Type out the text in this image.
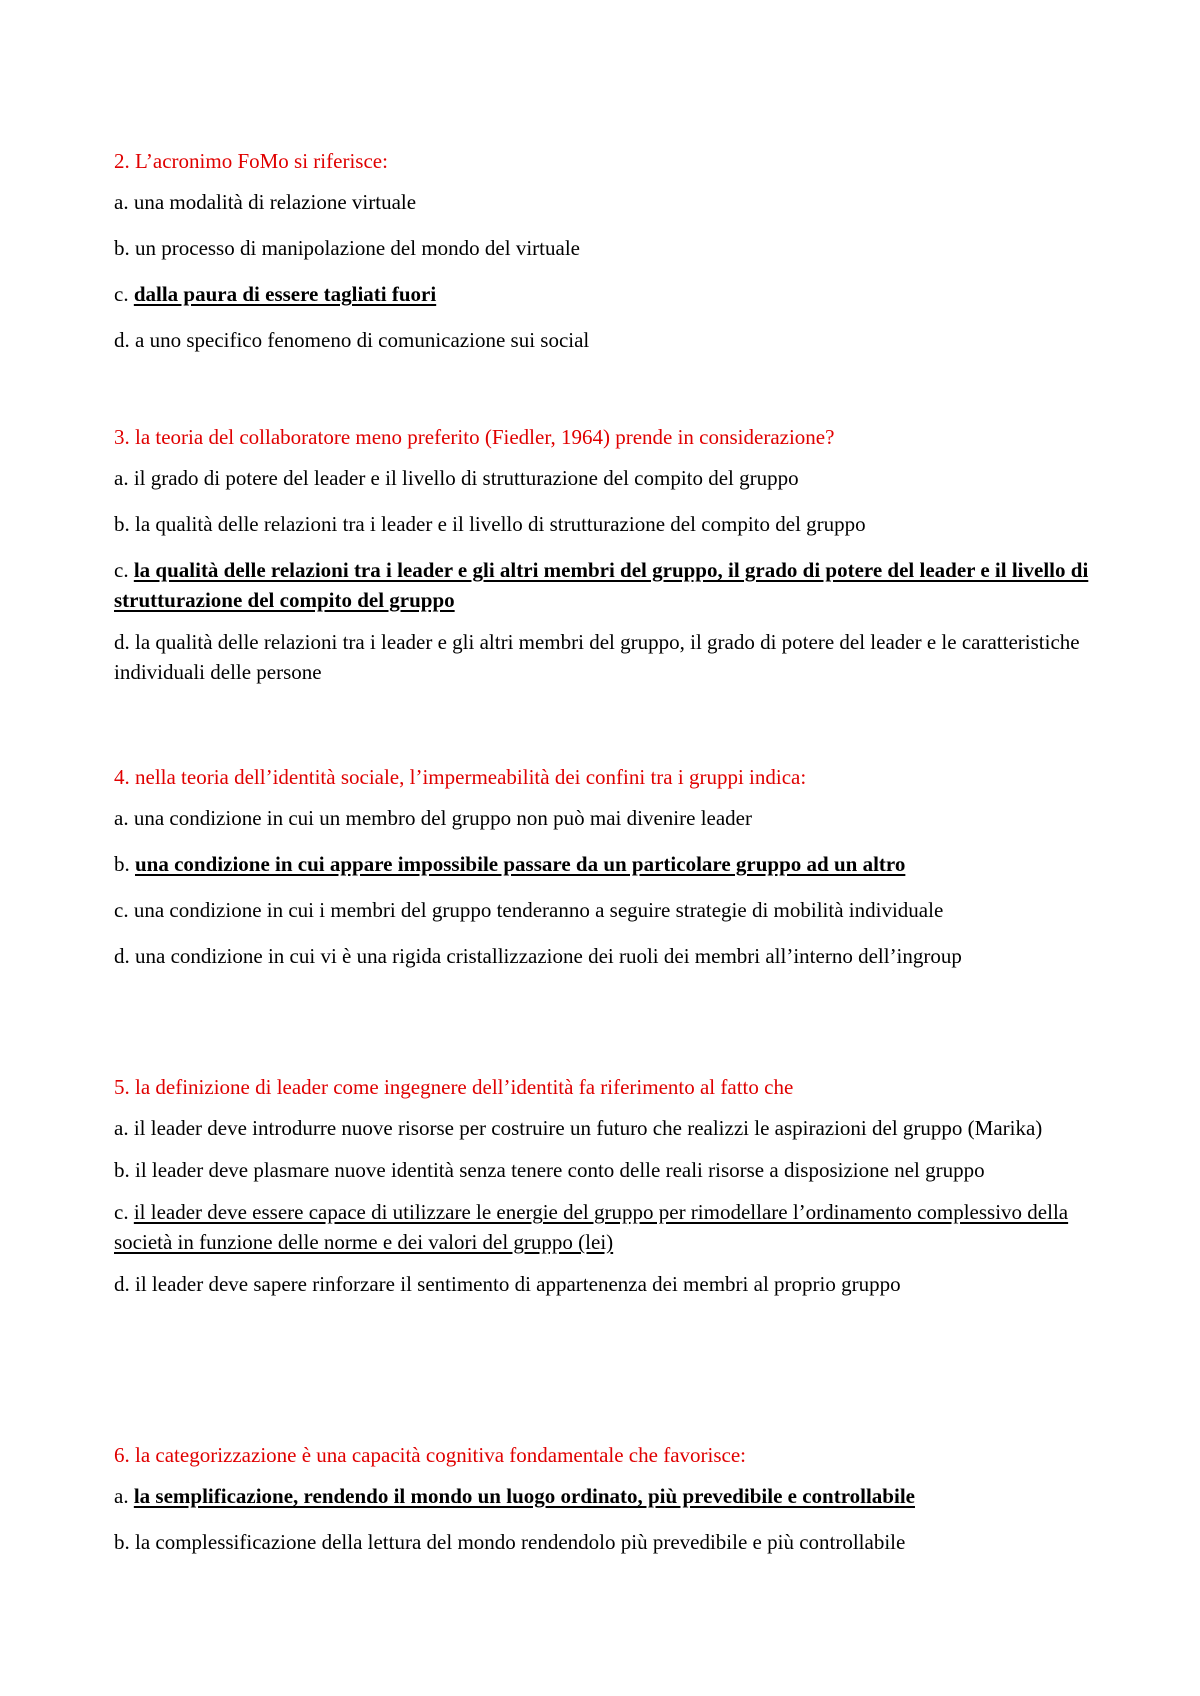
2. L’acronimo FoMo si riferisce:
a. una modalità di relazione virtuale
b. un processo di manipolazione del mondo del virtuale
c. dalla paura di essere tagliati fuori
d. a uno specifico fenomeno di comunicazione sui social
3. la teoria del collaboratore meno preferito (Fiedler, 1964) prende in considerazione?
a. il grado di potere del leader e il livello di strutturazione del compito del gruppo
b. la qualità delle relazioni tra i leader e il livello di strutturazione del compito del gruppo
c. la qualità delle relazioni tra i leader e gli altri membri del gruppo, il grado di potere del leader e il livello di strutturazione del compito del gruppo
d. la qualità delle relazioni tra i leader e gli altri membri del gruppo, il grado di potere del leader e le caratteristiche individuali delle persone
4. nella teoria dell’identità sociale, l’impermeabilità dei confini tra i gruppi indica:
a. una condizione in cui un membro del gruppo non può mai divenire leader
b. una condizione in cui appare impossibile passare da un particolare gruppo ad un altro
c. una condizione in cui i membri del gruppo tenderanno a seguire strategie di mobilità individuale
d. una condizione in cui vi è una rigida cristallizzazione dei ruoli dei membri all’interno dell’ingroup
5. la definizione di leader come ingegnere dell’identità fa riferimento al fatto che
a. il leader deve introdurre nuove risorse per costruire un futuro che realizzi le aspirazioni del gruppo (Marika)
b. il leader deve plasmare nuove identità senza tenere conto delle reali risorse a disposizione nel gruppo
c. il leader deve essere capace di utilizzare le energie del gruppo per rimodellare l’ordinamento complessivo della società in funzione delle norme e dei valori del gruppo (lei)
d. il leader deve sapere rinforzare il sentimento di appartenenza dei membri al proprio gruppo
6. la categorizzazione è una capacità cognitiva fondamentale che favorisce:
a. la semplificazione, rendendo il mondo un luogo ordinato, più prevedibile e controllabile
b. la complessificazione della lettura del mondo rendendolo più prevedibile e più controllabile
